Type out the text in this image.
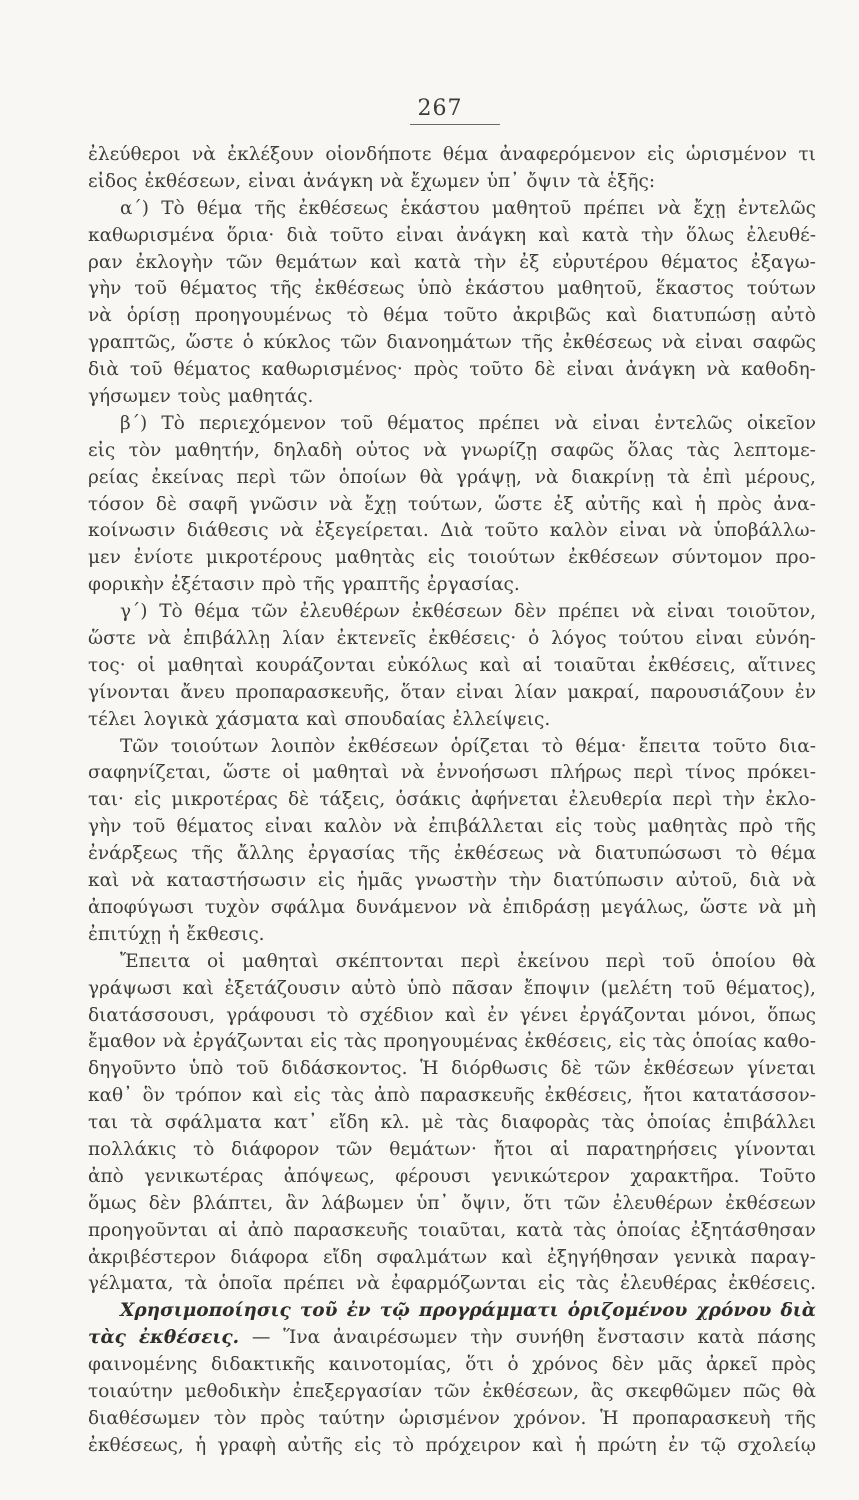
267
ἐλεύθεροι νὰ ἐκλέξουν οἱονδήποτε θέμα ἀναφερόμενον εἰς ὡρισμένον τι
εἶδος ἐκθέσεων, εἶναι ἀνάγκη νὰ ἔχωμεν ὑπ᾿ ὄψιν τὰ ἑξῆς:
α΄) Τὸ θέμα τῆς ἐκθέσεως ἑκάστου μαθητοῦ πρέπει νὰ ἔχῃ ἐντελῶς
καθωρισμένα ὅρια· διὰ τοῦτο εἶναι ἀνάγκη καὶ κατὰ τὴν ὅλως ἐλευθέ-
ραν ἐκλογὴν τῶν θεμάτων καὶ κατὰ τὴν ἐξ εὐρυτέρου θέματος ἐξαγω-
γὴν τοῦ θέματος τῆς ἐκθέσεως ὑπὸ ἑκάστου μαθητοῦ, ἕκαστος τούτων
νὰ ὁρίσῃ προηγουμένως τὸ θέμα τοῦτο ἀκριβῶς καὶ διατυπώσῃ αὐτὸ
γραπτῶς, ὥστε ὁ κύκλος τῶν διανοημάτων τῆς ἐκθέσεως νὰ εἶναι σαφῶς
διὰ τοῦ θέματος καθωρισμένος· πρὸς τοῦτο δὲ εἶναι ἀνάγκη νὰ καθοδη-
γήσωμεν τοὺς μαθητάς.
β΄) Τὸ περιεχόμενον τοῦ θέματος πρέπει νὰ εἶναι ἐντελῶς οἰκεῖον
εἰς τὸν μαθητήν, δηλαδὴ οὗτος νὰ γνωρίζῃ σαφῶς ὅλας τὰς λεπτομε-
ρείας ἐκείνας περὶ τῶν ὁποίων θὰ γράψῃ, νὰ διακρίνῃ τὰ ἐπὶ μέρους,
τόσον δὲ σαφῆ γνῶσιν νὰ ἔχῃ τούτων, ὥστε ἐξ αὐτῆς καὶ ἡ πρὸς ἀνα-
κοίνωσιν διάθεσις νὰ ἐξεγείρεται. Διὰ τοῦτο καλὸν εἶναι νὰ ὑποβάλλω-
μεν ἐνίοτε μικροτέρους μαθητὰς εἰς τοιούτων ἐκθέσεων σύντομον προ-
φορικὴν ἐξέτασιν πρὸ τῆς γραπτῆς ἐργασίας.
γ΄) Τὸ θέμα τῶν ἐλευθέρων ἐκθέσεων δὲν πρέπει νὰ εἶναι τοιοῦτον,
ὥστε νὰ ἐπιβάλλῃ λίαν ἐκτενεῖς ἐκθέσεις· ὁ λόγος τούτου εἶναι εὐνόη-
τος· οἱ μαθηταὶ κουράζονται εὐκόλως καὶ αἱ τοιαῦται ἐκθέσεις, αἵτινες
γίνονται ἄνευ προπαρασκευῆς, ὅταν εἶναι λίαν μακραί, παρουσιάζουν ἐν
τέλει λογικὰ χάσματα καὶ σπουδαίας ἐλλείψεις.
Τῶν τοιούτων λοιπὸν ἐκθέσεων ὁρίζεται τὸ θέμα· ἔπειτα τοῦτο δια-
σαφηνίζεται, ὥστε οἱ μαθηταὶ νὰ ἐννοήσωσι πλήρως περὶ τίνος πρόκει-
ται· εἰς μικροτέρας δὲ τάξεις, ὁσάκις ἀφήνεται ἐλευθερία περὶ τὴν ἐκλο-
γὴν τοῦ θέματος εἶναι καλὸν νὰ ἐπιβάλλεται εἰς τοὺς μαθητὰς πρὸ τῆς
ἐνάρξεως τῆς ἄλλης ἐργασίας τῆς ἐκθέσεως νὰ διατυπώσωσι τὸ θέμα
καὶ νὰ καταστήσωσιν εἰς ἡμᾶς γνωστὴν τὴν διατύπωσιν αὐτοῦ, διὰ νὰ
ἀποφύγωσι τυχὸν σφάλμα δυνάμενον νὰ ἐπιδράσῃ μεγάλως, ὥστε νὰ μὴ
ἐπιτύχῃ ἡ ἔκθεσις.
Ἔπειτα οἱ μαθηταὶ σκέπτονται περὶ ἐκείνου περὶ τοῦ ὁποίου θὰ
γράψωσι καὶ ἐξετάζουσιν αὐτὸ ὑπὸ πᾶσαν ἔποψιν (μελέτη τοῦ θέματος),
διατάσσουσι, γράφουσι τὸ σχέδιον καὶ ἐν γένει ἐργάζονται μόνοι, ὅπως
ἔμαθον νὰ ἐργάζωνται εἰς τὰς προηγουμένας ἐκθέσεις, εἰς τὰς ὁποίας καθο-
δηγοῦντο ὑπὸ τοῦ διδάσκοντος. Ἡ διόρθωσις δὲ τῶν ἐκθέσεων γίνεται
καθ᾿ ὃν τρόπον καὶ εἰς τὰς ἀπὸ παρασκευῆς ἐκθέσεις, ἤτοι κατατάσσον-
ται τὰ σφάλματα κατ᾿ εἴδη κλ. μὲ τὰς διαφορὰς τὰς ὁποίας ἐπιβάλλει
πολλάκις τὸ διάφορον τῶν θεμάτων· ἤτοι αἱ παρατηρήσεις γίνονται
ἀπὸ γενικωτέρας ἀπόψεως, φέρουσι γενικώτερον χαρακτῆρα. Τοῦτο
ὅμως δὲν βλάπτει, ἂν λάβωμεν ὑπ᾿ ὄψιν, ὅτι τῶν ἐλευθέρων ἐκθέσεων
προηγοῦνται αἱ ἀπὸ παρασκευῆς τοιαῦται, κατὰ τὰς ὁποίας ἐξητάσθησαν
ἀκριβέστερον διάφορα εἴδη σφαλμάτων καὶ ἐξηγήθησαν γενικὰ παραγ-
γέλματα, τὰ ὁποῖα πρέπει νὰ ἐφαρμόζωνται εἰς τὰς ἐλευθέρας ἐκθέσεις.
Χρησιμοποίησις τοῦ ἐν τῷ προγράμματι ὁριζομένου χρόνου διὰ
τὰς ἐκθέσεις. — Ἵνα ἀναιρέσωμεν τὴν συνήθη ἔνστασιν κατὰ πάσης
φαινομένης διδακτικῆς καινοτομίας, ὅτι ὁ χρόνος δὲν μᾶς ἀρκεῖ πρὸς
τοιαύτην μεθοδικὴν ἐπεξεργασίαν τῶν ἐκθέσεων, ἂς σκεφθῶμεν πῶς θὰ
διαθέσωμεν τὸν πρὸς ταύτην ὡρισμένον χρόνον. Ἡ προπαρασκευὴ τῆς
ἐκθέσεως, ἡ γραφὴ αὐτῆς εἰς τὸ πρόχειρον καὶ ἡ πρώτη ἐν τῷ σχολείῳ
